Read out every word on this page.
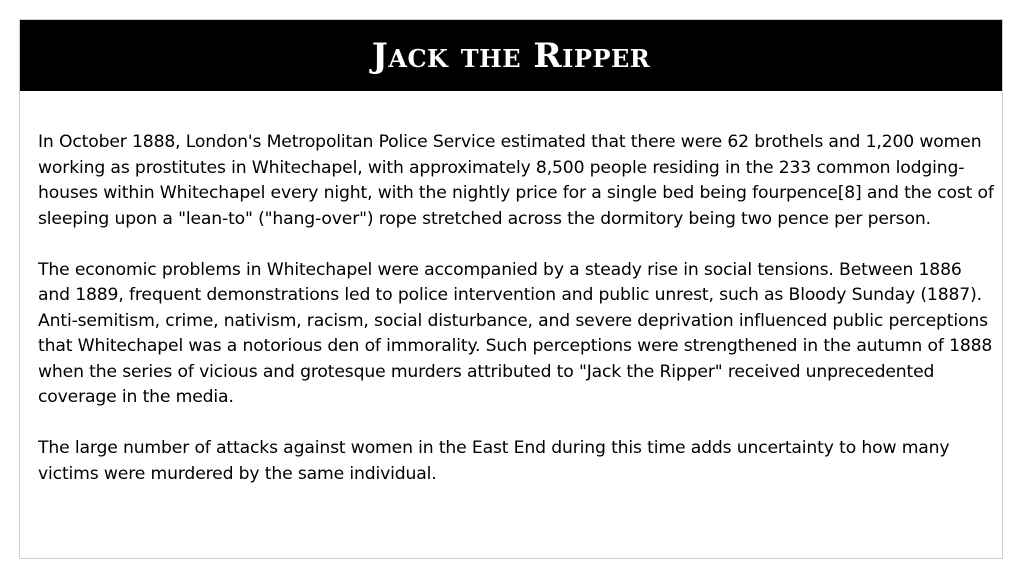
Jack the Ripper

In October 1888, London's Metropolitan Police Service estimated that there were 62 brothels and 1,200 women working as prostitutes in Whitechapel, with approximately 8,500 people residing in the 233 common lodging-houses within Whitechapel every night, with the nightly price for a single bed being fourpence[8] and the cost of sleeping upon a "lean-to" ("hang-over") rope stretched across the dormitory being two pence per person.

The economic problems in Whitechapel were accompanied by a steady rise in social tensions. Between 1886 and 1889, frequent demonstrations led to police intervention and public unrest, such as Bloody Sunday (1887). Anti-semitism, crime, nativism, racism, social disturbance, and severe deprivation influenced public perceptions that Whitechapel was a notorious den of immorality. Such perceptions were strengthened in the autumn of 1888 when the series of vicious and grotesque murders attributed to "Jack the Ripper" received unprecedented coverage in the media.

The large number of attacks against women in the East End during this time adds uncertainty to how many victims were murdered by the same individual.
